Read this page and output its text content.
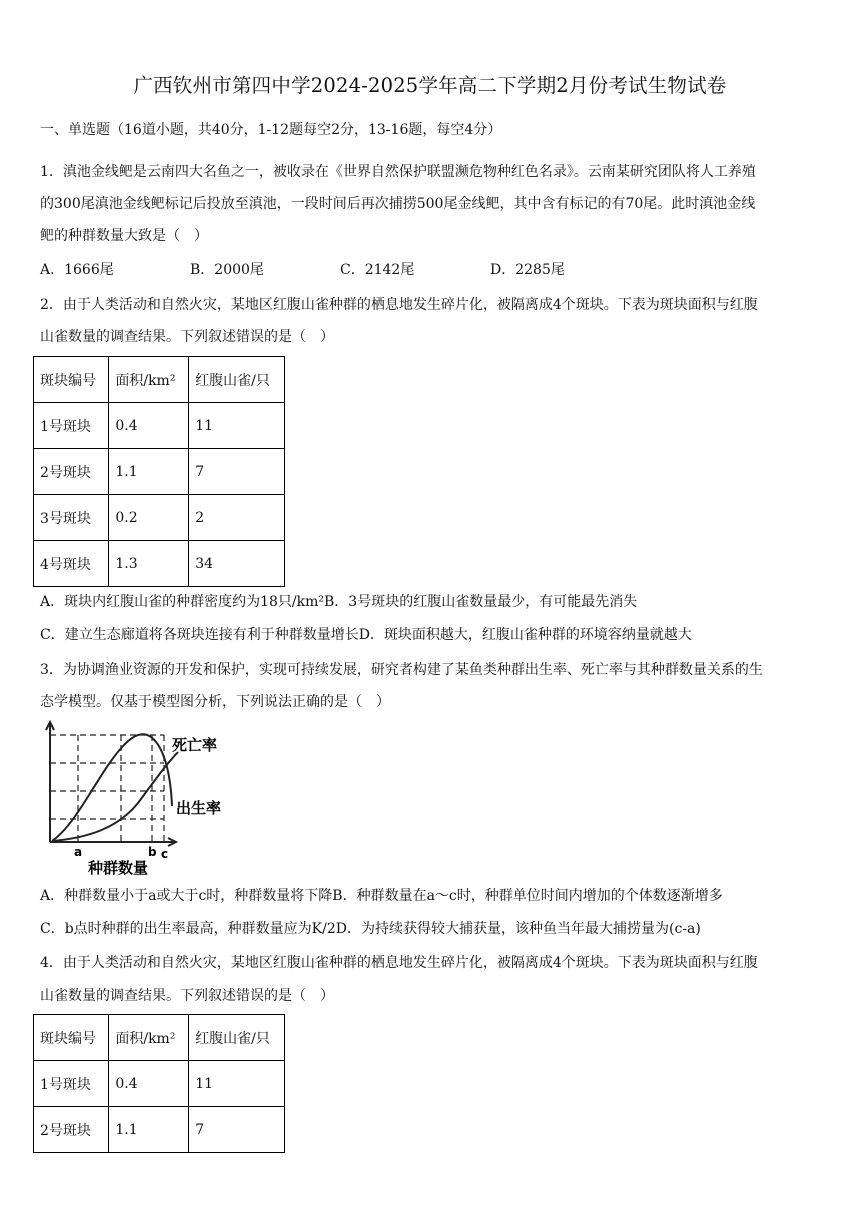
广西钦州市第四中学2024-2025学年高二下学期2月份考试生物试卷
一、单选题（16道小题，共40分，1-12题每空2分，13-16题，每空4分）
1．滇池金线鲃是云南四大名鱼之一，被收录在《世界自然保护联盟濒危物种红色名录》。云南某研究团队将人工养殖
的300尾滇池金线鲃标记后投放至滇池，一段时间后再次捕捞500尾金线鲃，其中含有标记的有70尾。此时滇池金线
鲃的种群数量大致是（　）
A．1666尾	B．2000尾	C．2142尾	D．2285尾
2．由于人类活动和自然火灾，某地区红腹山雀种群的栖息地发生碎片化，被隔离成4个斑块。下表为斑块面积与红腹
山雀数量的调查结果。下列叙述错误的是（　）
斑块编号	面积/km²	红腹山雀/只
1号斑块	0.4	11
2号斑块	1.1	7
3号斑块	0.2	2
4号斑块	1.3	34
A．斑块内红腹山雀的种群密度约为18只/km²B．3号斑块的红腹山雀数量最少，有可能最先消失
C．建立生态廊道将各斑块连接有利于种群数量增长D．斑块面积越大，红腹山雀种群的环境容纳量就越大
3．为协调渔业资源的开发和保护，实现可持续发展，研究者构建了某鱼类种群出生率、死亡率与其种群数量关系的生
态学模型。仅基于模型图分析，下列说法正确的是（　）
死亡率
出生率
a	b c
种群数量
A．种群数量小于a或大于c时，种群数量将下降B．种群数量在a～c时，种群单位时间内增加的个体数逐渐增多
C．b点时种群的出生率最高，种群数量应为K/2D．为持续获得较大捕获量，该种鱼当年最大捕捞量为(c-a)
4．由于人类活动和自然火灾，某地区红腹山雀种群的栖息地发生碎片化，被隔离成4个斑块。下表为斑块面积与红腹
山雀数量的调查结果。下列叙述错误的是（　）
斑块编号	面积/km²	红腹山雀/只
1号斑块	0.4	11
2号斑块	1.1	7
